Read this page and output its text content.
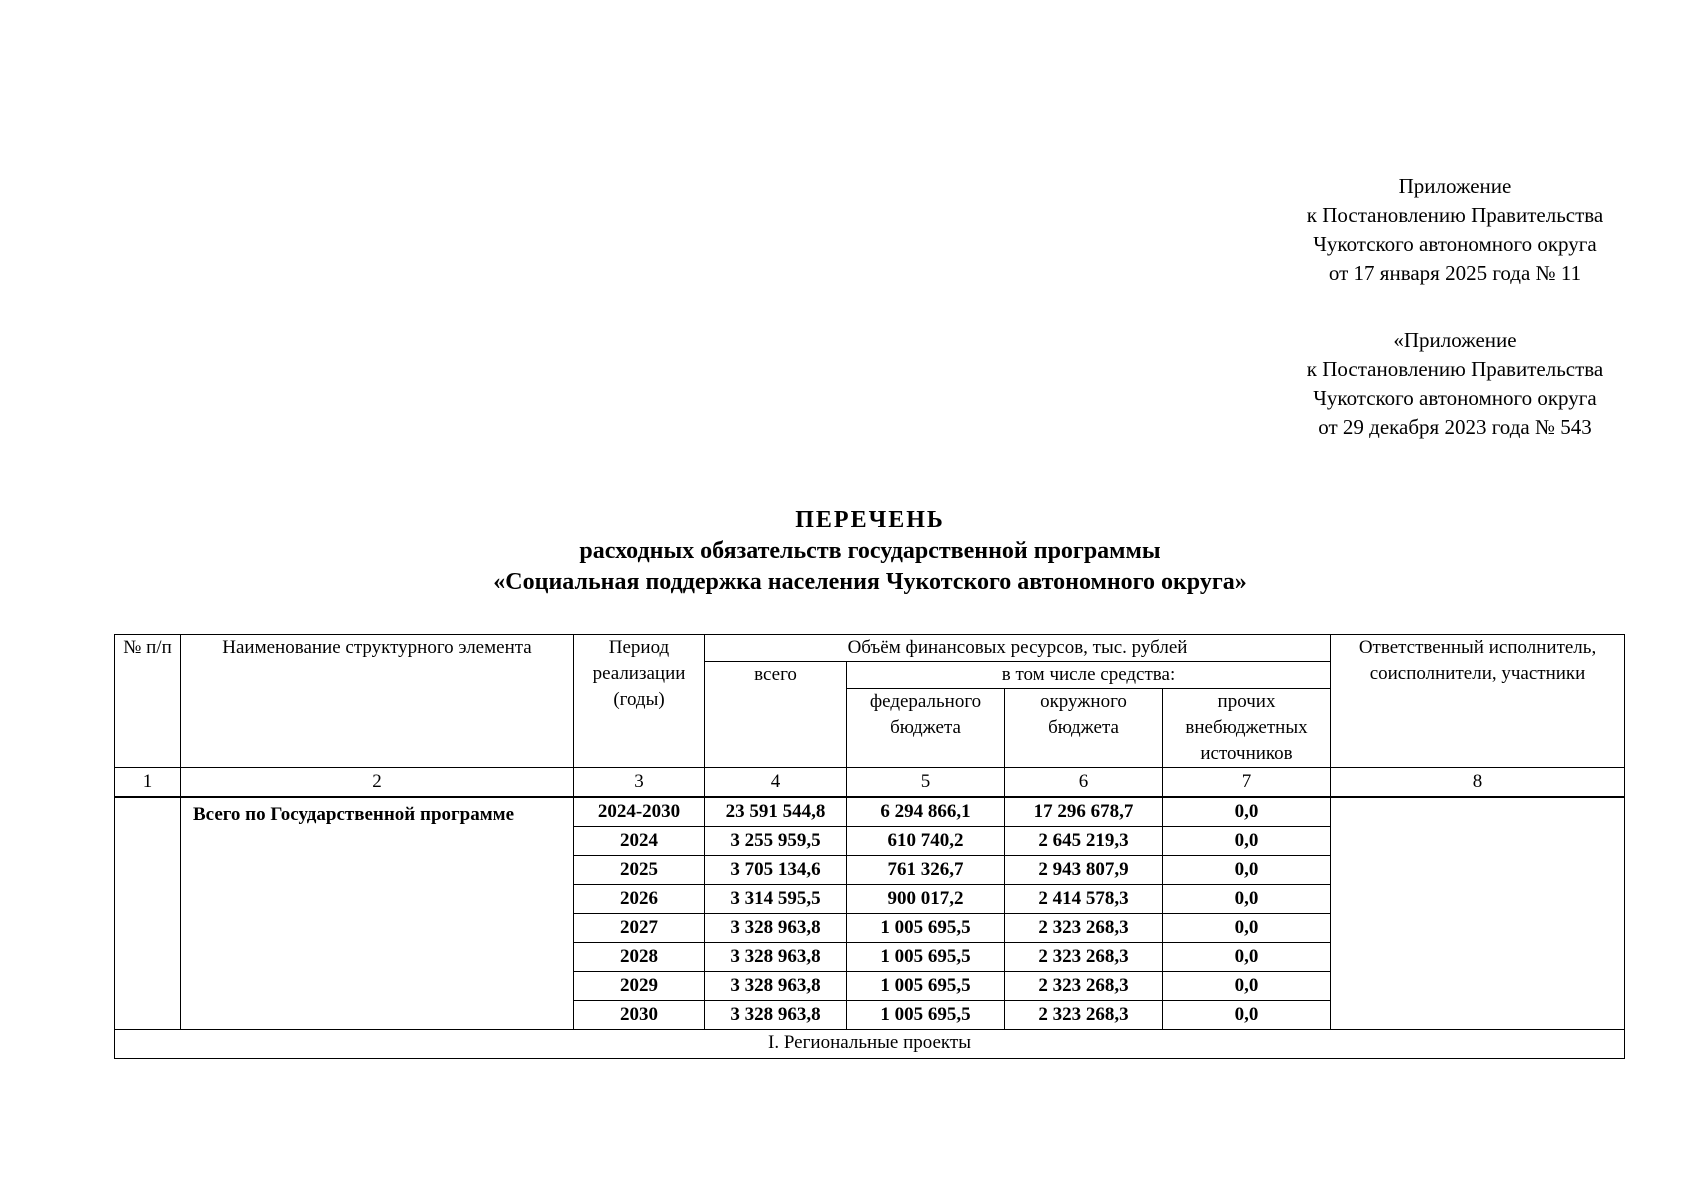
Приложение
к Постановлению Правительства
Чукотского автономного округа
от 17 января 2025 года № 11
«Приложение
к Постановлению Правительства
Чукотского автономного округа
от 29 декабря 2023 года № 543
ПЕРЕЧЕНЬ
расходных обязательств государственной программы
«Социальная поддержка населения Чукотского автономного округа»
№ п/п	Наименование структурного элемента	Период реализации (годы)	Объём финансовых ресурсов, тыс. рублей				Ответственный исполнитель, соисполнители, участники
			всего	в том числе средства:			
				федерального бюджета	окружного бюджета	прочих внебюджетных источников	
1	2	3	4	5	6	7	8
	Всего по Государственной программе	2024-2030	23 591 544,8	6 294 866,1	17 296 678,7	0,0	
		2024	3 255 959,5	610 740,2	2 645 219,3	0,0	
		2025	3 705 134,6	761 326,7	2 943 807,9	0,0	
		2026	3 314 595,5	900 017,2	2 414 578,3	0,0	
		2027	3 328 963,8	1 005 695,5	2 323 268,3	0,0	
		2028	3 328 963,8	1 005 695,5	2 323 268,3	0,0	
		2029	3 328 963,8	1 005 695,5	2 323 268,3	0,0	
		2030	3 328 963,8	1 005 695,5	2 323 268,3	0,0	
I. Региональные проекты							
